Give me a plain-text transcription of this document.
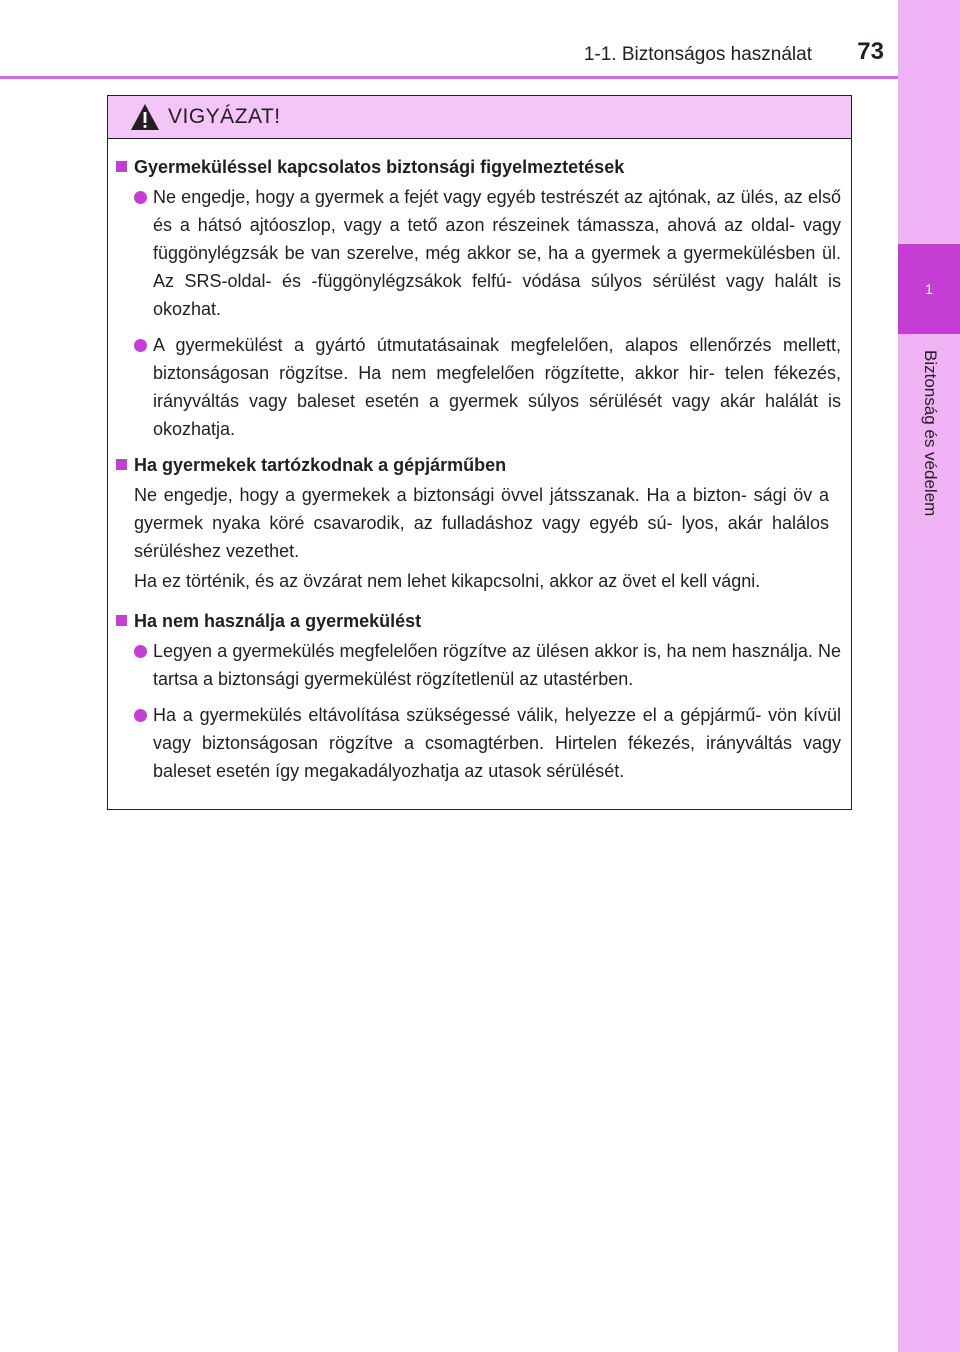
1
Biztonság és védelem
1-1. Biztonságos használat 73
VIGYÁZAT!
Gyermeküléssel kapcsolatos biztonsági figyelmeztetések
Ne engedje, hogy a gyermek a fejét vagy egyéb testrészét az ajtónak, az ülés, az első és a hátsó ajtóoszlop, vagy a tető azon részeinek támassza, ahová az oldal- vagy függönylégzsák be van szerelve, még akkor se, ha a gyermek a gyermekülésben ül. Az SRS-oldal- és -függönylégzsákok felfú- vódása súlyos sérülést vagy halált is okozhat.
A gyermekülést a gyártó útmutatásainak megfelelően, alapos ellenőrzés mellett, biztonságosan rögzítse. Ha nem megfelelően rögzítette, akkor hir- telen fékezés, irányváltás vagy baleset esetén a gyermek súlyos sérülését vagy akár halálát is okozhatja.
Ha gyermekek tartózkodnak a gépjárműben
Ne engedje, hogy a gyermekek a biztonsági övvel játsszanak. Ha a bizton- sági öv a gyermek nyaka köré csavarodik, az fulladáshoz vagy egyéb sú- lyos, akár halálos sérüléshez vezethet.
Ha ez történik, és az övzárat nem lehet kikapcsolni, akkor az övet el kell vágni.
Ha nem használja a gyermekülést
Legyen a gyermekülés megfelelően rögzítve az ülésen akkor is, ha nem használja. Ne tartsa a biztonsági gyermekülést rögzítetlenül az utastérben.
Ha a gyermekülés eltávolítása szükségessé válik, helyezze el a gépjármű- vön kívül vagy biztonságosan rögzítve a csomagtérben. Hirtelen fékezés, irányváltás vagy baleset esetén így megakadályozhatja az utasok sérülését.
